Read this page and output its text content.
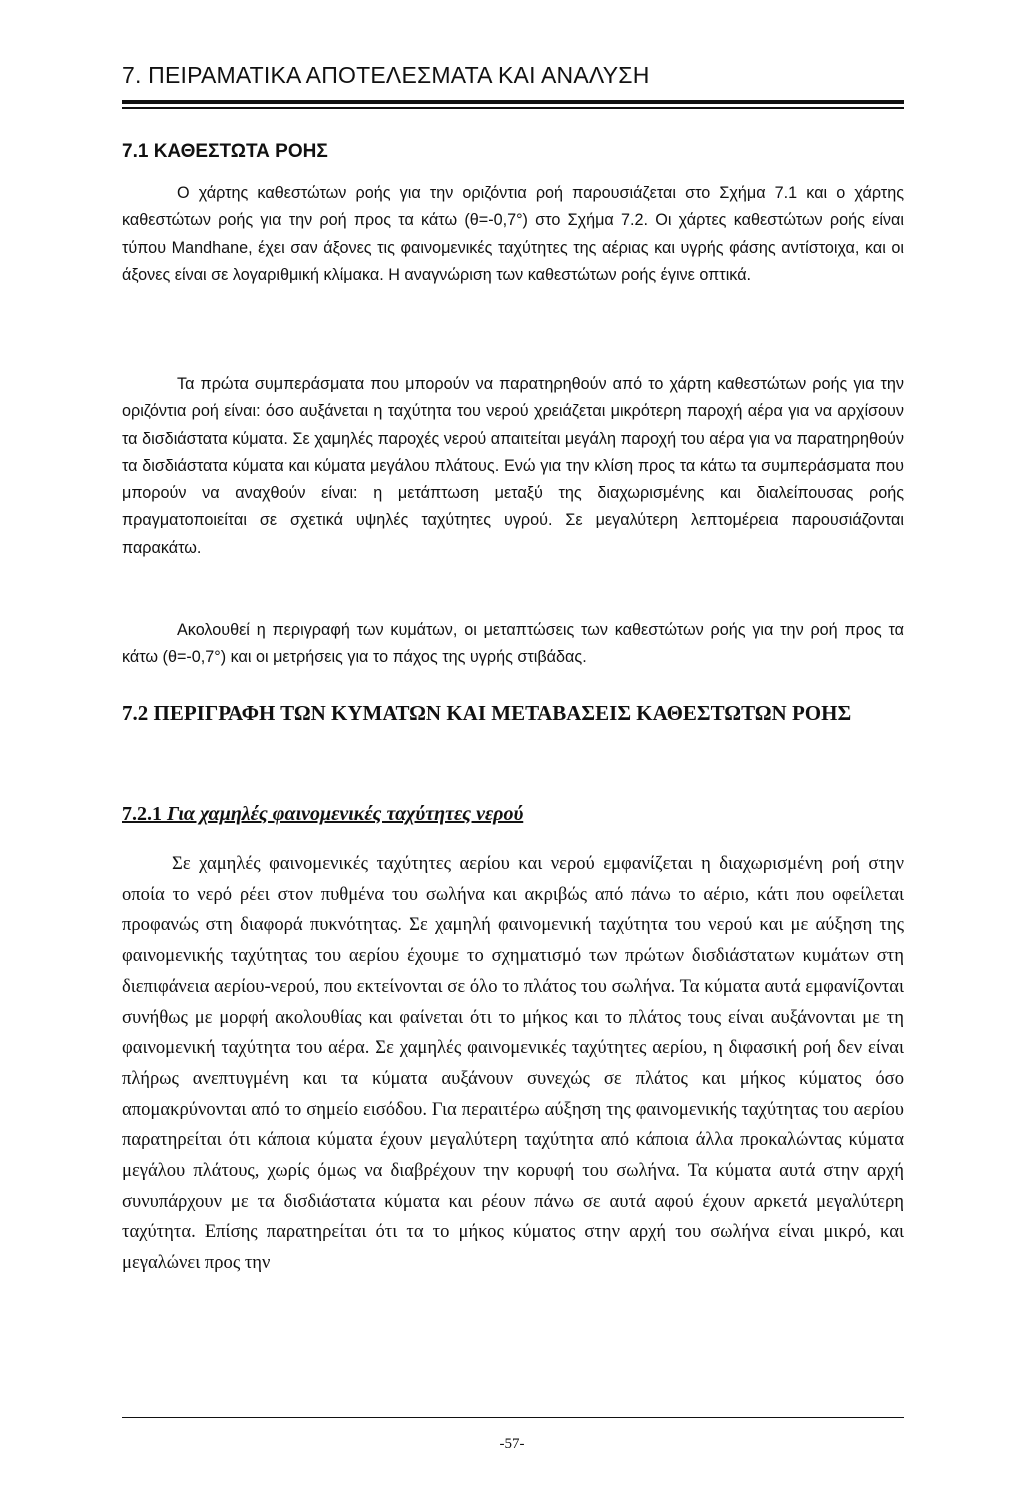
7. ΠΕΙΡΑΜΑΤΙΚΑ ΑΠΟΤΕΛΕΣΜΑΤΑ ΚΑΙ ΑΝΑΛΥΣΗ
7.1 ΚΑΘΕΣΤΩΤΑ ΡΟΗΣ

Ο χάρτης καθεστώτων ροής για την οριζόντια ροή παρουσιάζεται στο Σχήμα 7.1 και ο χάρτης καθεστώτων ροής για την ροή προς τα κάτω (θ=-0,7°) στο Σχήμα 7.2. Οι χάρτες καθεστώτων ροής είναι τύπου Mandhane, έχει σαν άξονες τις φαινομενικές ταχύτητες της αέριας και υγρής φάσης αντίστοιχα, και οι άξονες είναι σε λογαριθμική κλίμακα. Η αναγνώριση των καθεστώτων ροής έγινε οπτικά.

Τα πρώτα συμπεράσματα που μπορούν να παρατηρηθούν από το χάρτη καθεστώτων ροής για την οριζόντια ροή είναι: όσο αυξάνεται η ταχύτητα του νερού χρειάζεται μικρότερη παροχή αέρα για να αρχίσουν τα δισδιάστατα κύματα. Σε χαμηλές παροχές νερού απαιτείται μεγάλη παροχή του αέρα για να παρατηρηθούν τα δισδιάστατα κύματα και κύματα μεγάλου πλάτους. Ενώ για την κλίση προς τα κάτω τα συμπεράσματα που μπορούν να αναχθούν είναι: η μετάπτωση μεταξύ της διαχωρισμένης και διαλείπουσας ροής πραγματοποιείται σε σχετικά υψηλές ταχύτητες υγρού. Σε μεγαλύτερη λεπτομέρεια παρουσιάζονται παρακάτω.

Ακολουθεί η περιγραφή των κυμάτων, οι μεταπτώσεις των καθεστώτων ροής για την ροή προς τα κάτω (θ=-0,7°) και οι μετρήσεις για το πάχος της υγρής στιβάδας.

7.2 ΠΕΡΙΓΡΑΦΗ ΤΩΝ ΚΥΜΑΤΩΝ ΚΑΙ ΜΕΤΑΒΑΣΕΙΣ ΚΑΘΕΣΤΩΤΩΝ ΡΟΗΣ
7.2.1 Για χαμηλές φαινομενικές ταχύτητες νερού

Σε χαμηλές φαινομενικές ταχύτητες αερίου και νερού εμφανίζεται η διαχωρισμένη ροή στην οποία το νερό ρέει στον πυθμένα του σωλήνα και ακριβώς από πάνω το αέριο, κάτι που οφείλεται προφανώς στη διαφορά πυκνότητας. Σε χαμηλή φαινομενική ταχύτητα του νερού και με αύξηση της φαινομενικής ταχύτητας του αερίου έχουμε το σχηματισμό των πρώτων δισδιάστατων κυμάτων στη διεπιφάνεια αερίου-νερού, που εκτείνονται σε όλο το πλάτος του σωλήνα. Τα κύματα αυτά εμφανίζονται συνήθως με μορφή ακολουθίας και φαίνεται ότι το μήκος και το πλάτος τους είναι αυξάνονται με τη φαινομενική ταχύτητα του αέρα. Σε χαμηλές φαινομενικές ταχύτητες αερίου, η διφασική ροή δεν είναι πλήρως ανεπτυγμένη και τα κύματα αυξάνουν συνεχώς σε πλάτος και μήκος κύματος όσο απομακρύνονται από το σημείο εισόδου. Για περαιτέρω αύξηση της φαινομενικής ταχύτητας του αερίου παρατηρείται ότι κάποια κύματα έχουν μεγαλύτερη ταχύτητα από κάποια άλλα προκαλώντας κύματα μεγάλου πλάτους, χωρίς όμως να διαβρέχουν την κορυφή του σωλήνα. Τα κύματα αυτά στην αρχή συνυπάρχουν με τα δισδιάστατα κύματα και ρέουν πάνω σε αυτά αφού έχουν αρκετά μεγαλύτερη ταχύτητα. Επίσης παρατηρείται ότι τα το μήκος κύματος στην αρχή του σωλήνα είναι μικρό, και μεγαλώνει προς την

-57-
